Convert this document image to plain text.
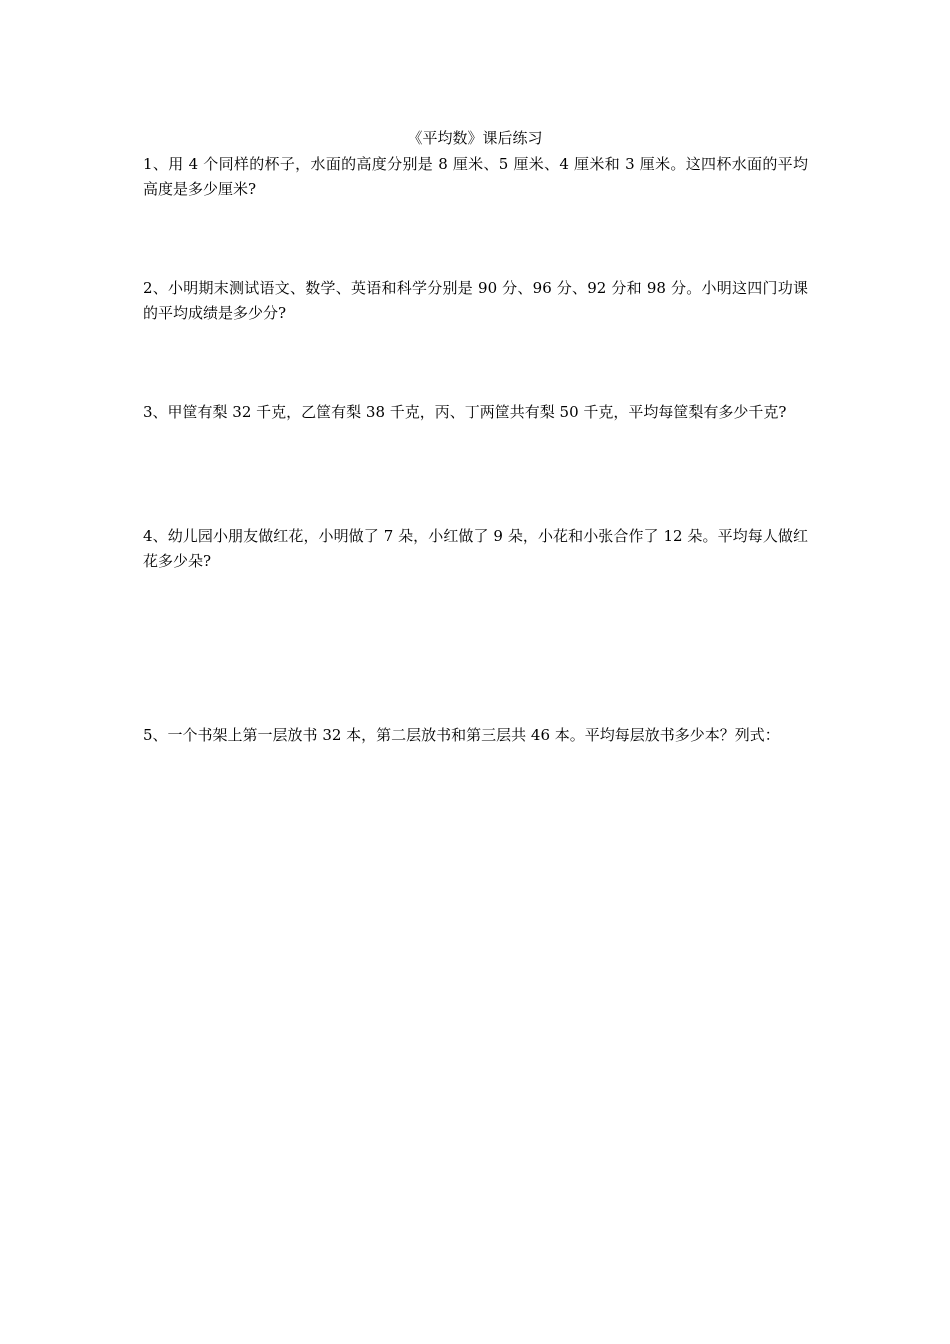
《平均数》课后练习
1、用 4 个同样的杯子，水面的高度分别是 8 厘米、5 厘米、4 厘米和 3 厘米。这四杯水面的平均高度是多少厘米?
2、小明期末测试语文、数学、英语和科学分别是 90 分、96 分、92 分和 98 分。小明这四门功课的平均成绩是多少分?
3、甲筐有梨 32 千克，乙筐有梨 38 千克，丙、丁两筐共有梨 50 千克，平均每筐梨有多少千克?
4、幼儿园小朋友做红花，小明做了 7 朵，小红做了 9 朵，小花和小张合作了 12 朵。平均每人做红花多少朵?
5、一个书架上第一层放书 32 本，第二层放书和第三层共 46 本。平均每层放书多少本？列式：
